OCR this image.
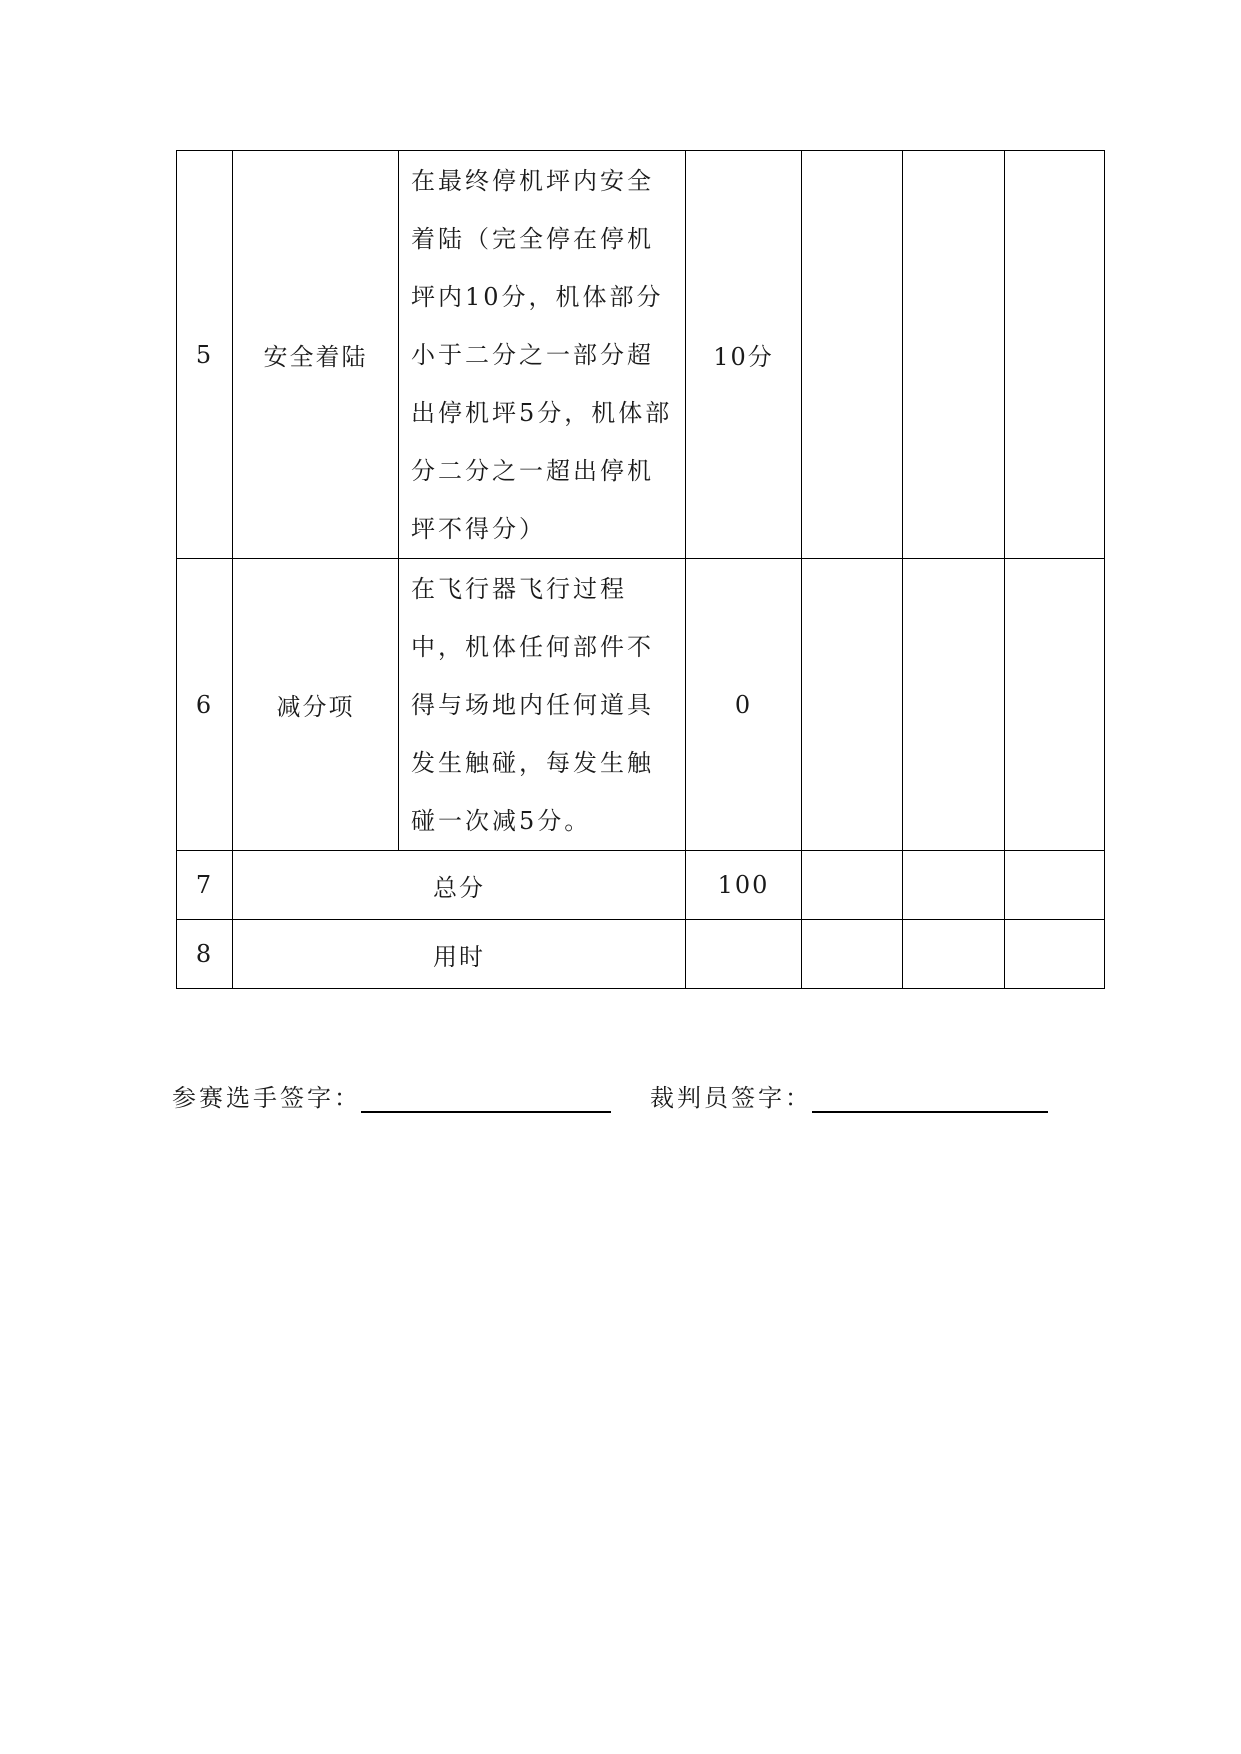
5	安全着陆	在最终停机坪内安全着陆（完全停在停机坪内10分，机体部分小于二分之一部分超出停机坪5分，机体部分二分之一超出停机坪不得分）	10分			
6	减分项	在飞行器飞行过程中，机体任何部件不得与场地内任何道具发生触碰，每发生触碰一次减5分。	0			
7	总分		100			
8	用时					
参赛选手签字：	裁判员签字：
